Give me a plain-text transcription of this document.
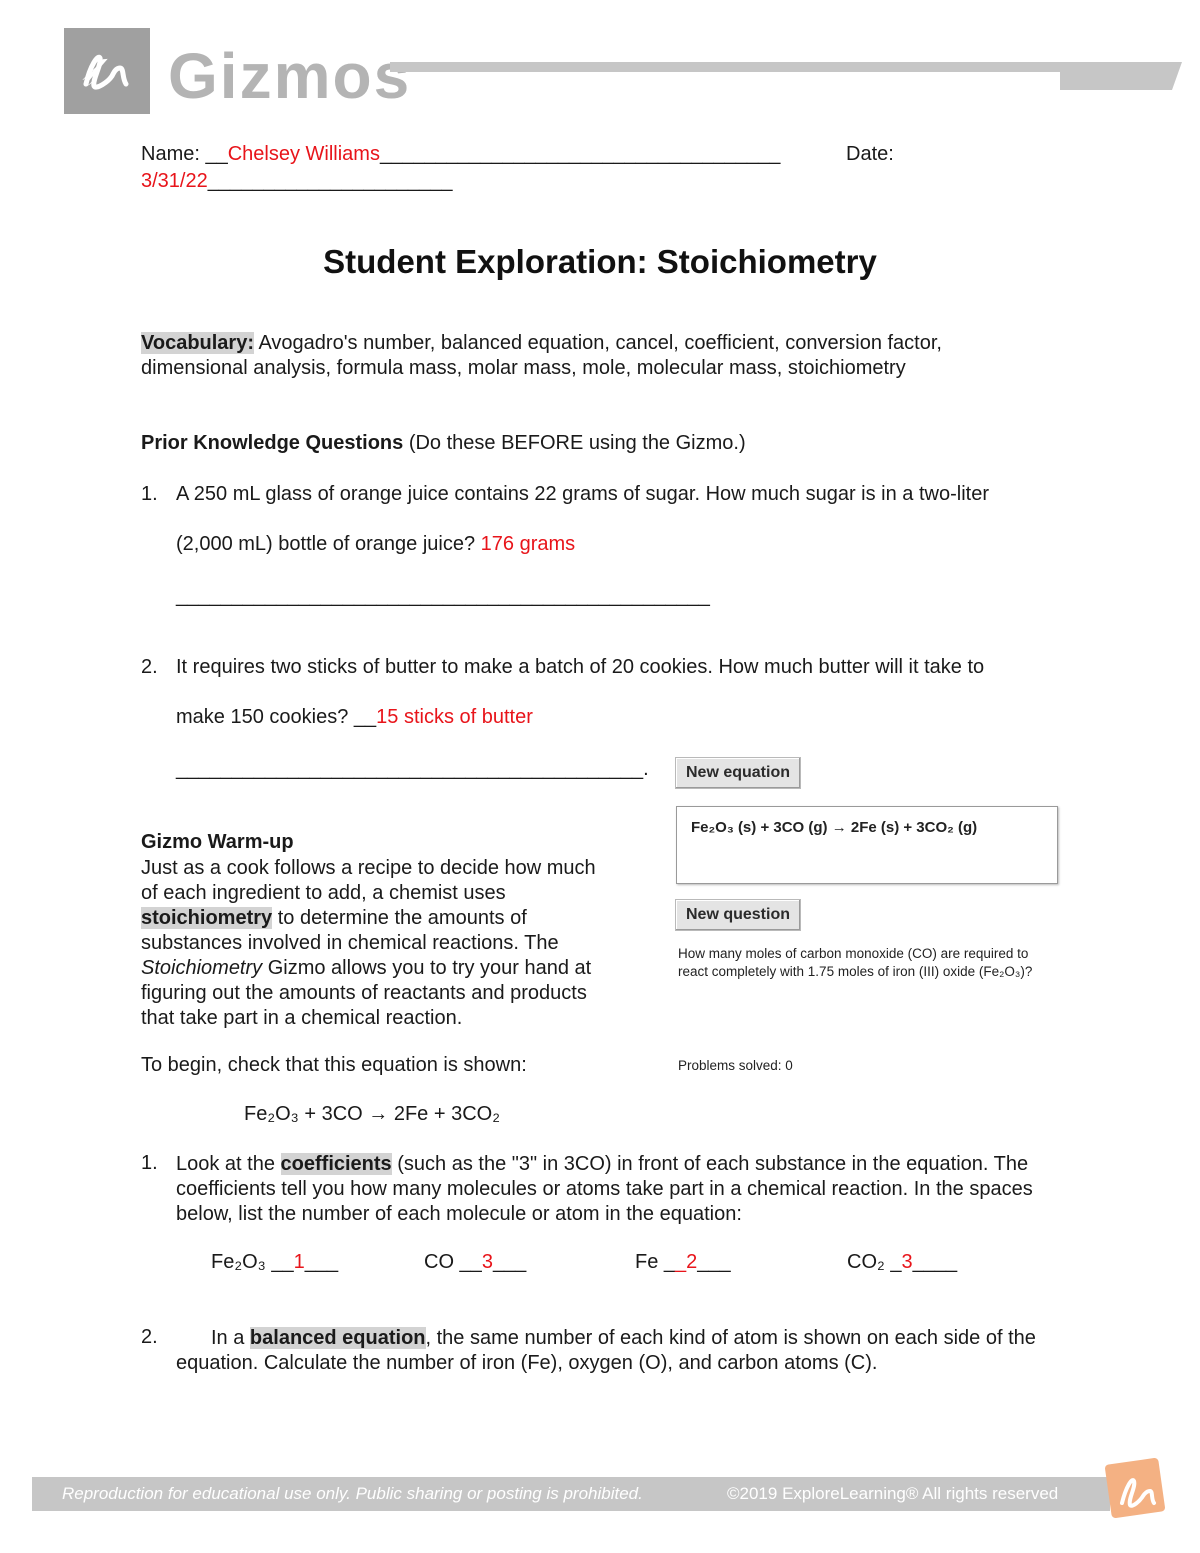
𝓁 Gizmos
Name: __Chelsey Williams____________________________________	Date:
3/31/22______________________
Student Exploration: Stoichiometry
Vocabulary: Avogadro's number, balanced equation, cancel, coefficient, conversion factor, dimensional analysis, formula mass, molar mass, mole, molecular mass, stoichiometry
Prior Knowledge Questions (Do these BEFORE using the Gizmo.)
1. A 250 mL glass of orange juice contains 22 grams of sugar. How much sugar is in a two-liter
(2,000 mL) bottle of orange juice? 176 grams
________________________________________________
2. It requires two sticks of butter to make a batch of 20 cookies. How much butter will it take to
make 150 cookies? __15 sticks of butter
__________________________________________.
Gizmo Warm-up
Just as a cook follows a recipe to decide how much of each ingredient to add, a chemist uses stoichiometry to determine the amounts of substances involved in chemical reactions. The Stoichiometry Gizmo allows you to try your hand at figuring out the amounts of reactants and products that take part in a chemical reaction.
New equation
Fe₂O₃ (s) + 3CO (g) → 2Fe (s) + 3CO₂ (g)
New question
How many moles of carbon monoxide (CO) are required to react completely with 1.75 moles of iron (III) oxide (Fe₂O₃)?
Problems solved: 0
To begin, check that this equation is shown:
Fe₂O₃ + 3CO → 2Fe + 3CO₂
1. Look at the coefficients (such as the "3" in 3CO) in front of each substance in the equation. The coefficients tell you how many molecules or atoms take part in a chemical reaction. In the spaces below, list the number of each molecule or atom in the equation:
Fe₂O₃ __1___	CO __3___	Fe __2___	CO₂ _3____
2.	In a balanced equation, the same number of each kind of atom is shown on each side of the equation. Calculate the number of iron (Fe), oxygen (O), and carbon atoms (C).
Reproduction for educational use only. Public sharing or posting is prohibited.	©2019 ExploreLearning® All rights reserved
